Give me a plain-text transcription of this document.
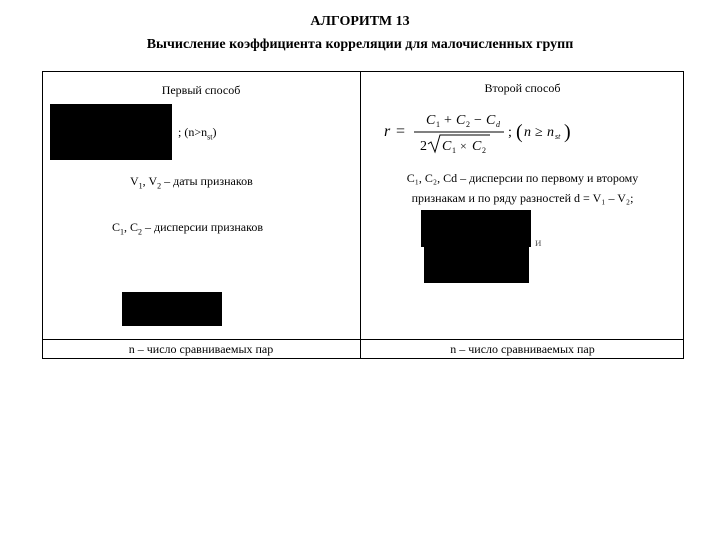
АЛГОРИТМ 13
Вычисление коэффициента корреляции для малочисленных групп
Первый способ
; $(n>n_{st})$
$V_1$, $V_2$ – даты признаков
$C_1$, $C_2$ – дисперсии признаков
n – число сравниваемых пар
Второй способ
r =
C 1 + C 2 − C d
2 C 1 × C 2
; ( n ≥ n st )
C₁, C₂, Cd – дисперсии по первому и второму
признакам и по ряду разностей d = V₁ – V₂;
и
n – число сравниваемых пар
